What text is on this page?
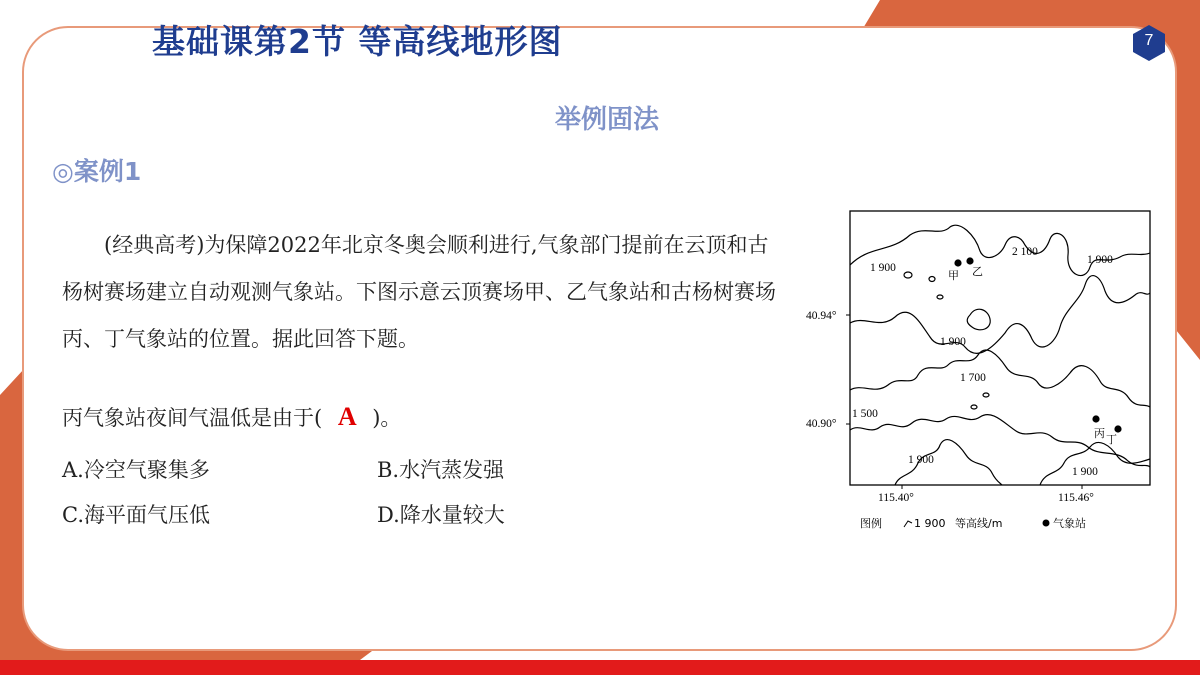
基础课第2节 等高线地形图	7
举例固法
◎案例1

(经典高考)为保障2022年北京冬奥会顺利进行,气象部门提前在云顶和古杨树赛场建立自动观测气象站。下图示意云顶赛场甲、乙气象站和古杨树赛场丙、丁气象站的位置。据此回答下题。

丙气象站夜间气温低是由于( A )。
A.冷空气聚集多	B.水汽蒸发强
C.海平面气压低	D.降水量较大
1 900
2 100
1 900
1 900
1 700
1 500
1 900
1 900
甲 乙
丙 丁
40.94°
40.90°
115.40°	115.46°
图例	1 900 等高线/m	气象站
